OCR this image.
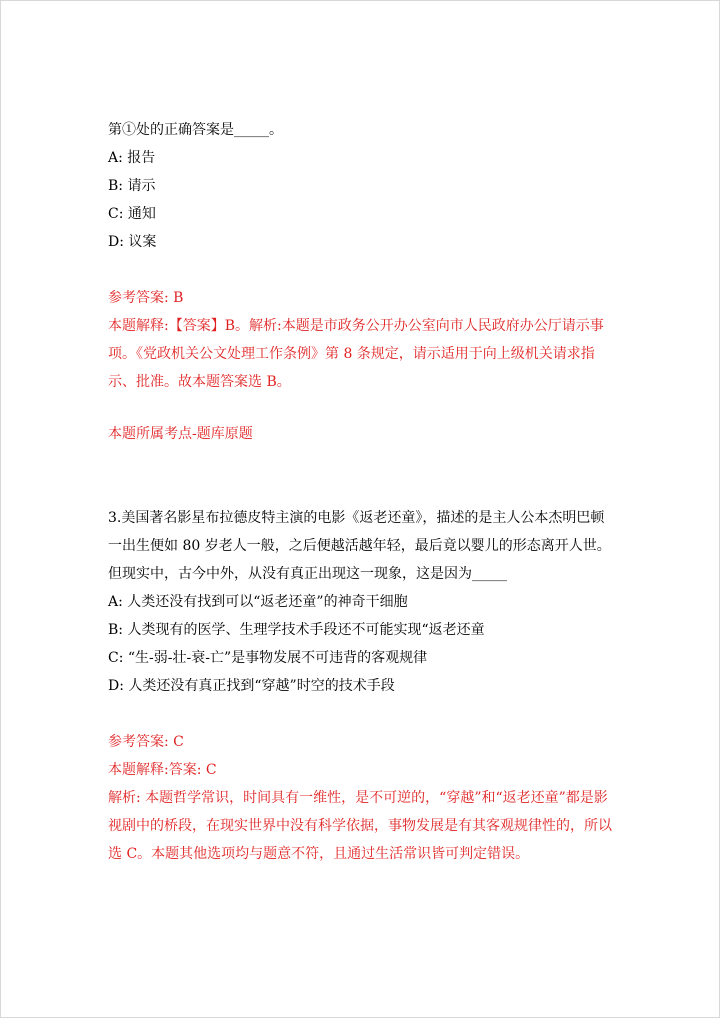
第①处的正确答案是_____。
A: 报告
B: 请示
C: 通知
D: 议案
参考答案: B
本题解释:【答案】B。解析:本题是市政务公开办公室向市人民政府办公厅请示事项。《党政机关公文处理工作条例》第 8 条规定，请示适用于向上级机关请求指示、批准。故本题答案选 B。
本题所属考点-题库原题
3.美国著名影星布拉德皮特主演的电影《返老还童》，描述的是主人公本杰明巴顿一出生便如 80 岁老人一般，之后便越活越年轻，最后竟以婴儿的形态离开人世。但现实中，古今中外，从没有真正出现这一现象，这是因为_____
A: 人类还没有找到可以“返老还童”的神奇干细胞
B: 人类现有的医学、生理学技术手段还不可能实现“返老还童
C: “生-弱-壮-衰-亡”是事物发展不可违背的客观规律
D: 人类还没有真正找到“穿越”时空的技术手段
参考答案: C
本题解释:答案: C
解析: 本题哲学常识，时间具有一维性，是不可逆的，“穿越”和“返老还童”都是影视剧中的桥段，在现实世界中没有科学依据，事物发展是有其客观规律性的，所以选 C。本题其他选项均与题意不符，且通过生活常识皆可判定错误。
